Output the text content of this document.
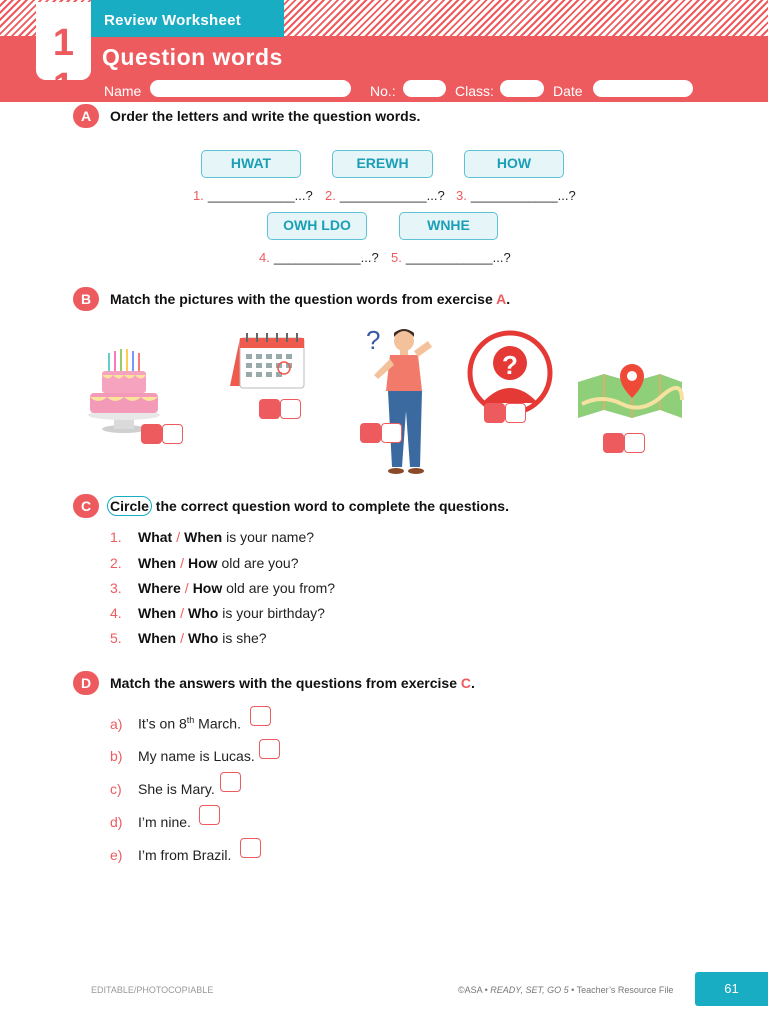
Question words
Name	No.:	Class:	Date
Review Worksheet
1
1
A	Order the letters and write the question words.
HWAT	EREWH	HOW
1. ____________...? 2. ____________...? 3. ____________...?
OWH LDO	WNHE
4. ____________...? 5. ____________...?
B	Match the pictures with the question words from exercise A.
?
?
C	Circle the correct question word to complete the questions.
1. What / When is your name?
2. When / How old are you?
3. Where / How old are you from?
4. When / Who is your birthday?
5. When / Who is she?
D	Match the answers with the questions from exercise C.
a) It’s on 8th March.
b) My name is Lucas.
c) She is Mary.
d) I’m nine.
e) I’m from Brazil.
EDITABLE/PHOTOCOPIABLE	©ASA • READY, SET, GO 5 • Teacher’s Resource File	61
